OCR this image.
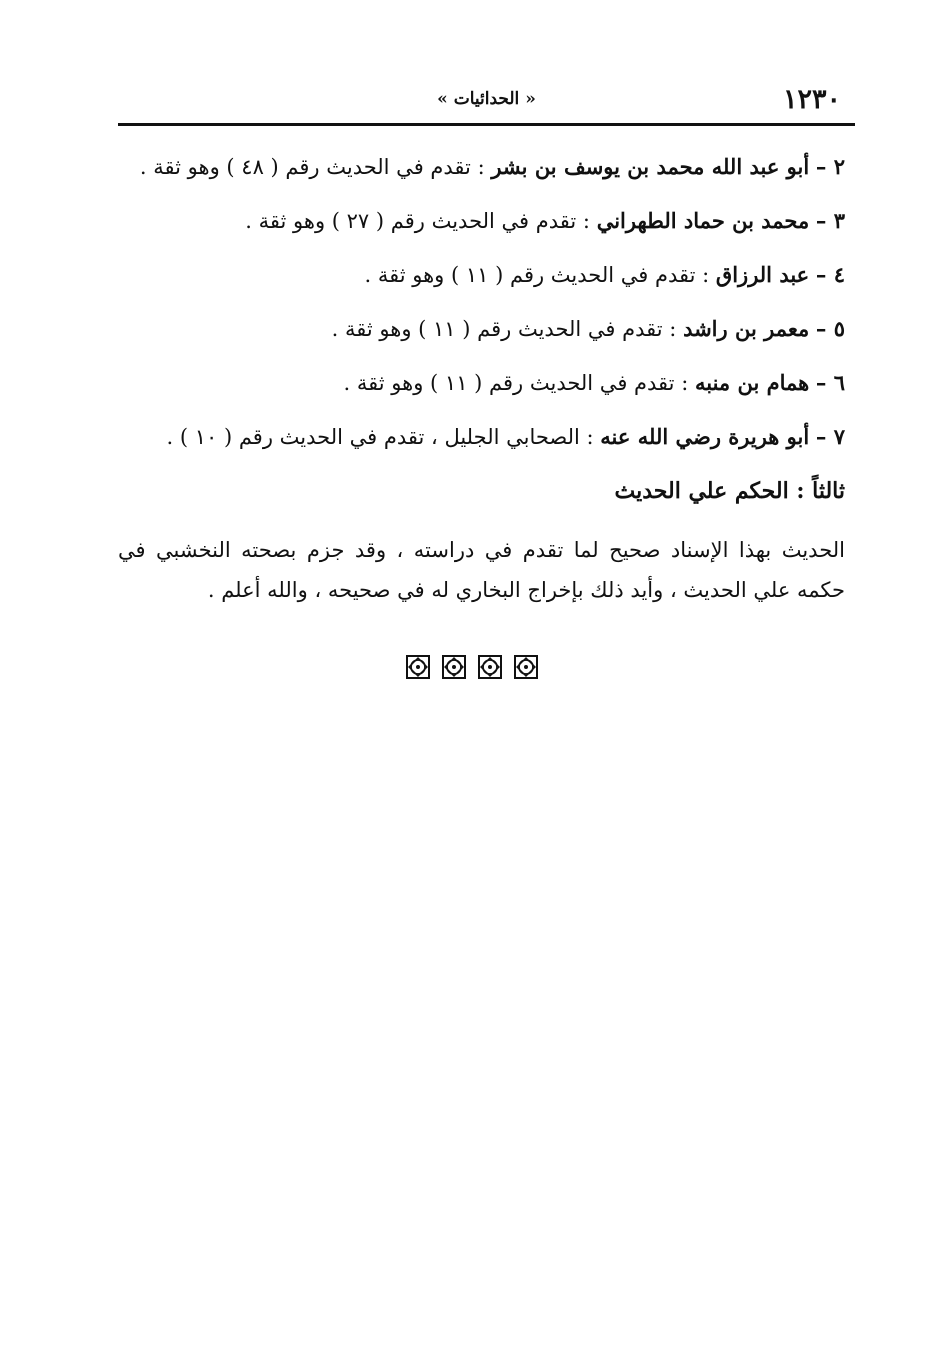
١٢٣٠
« الحدائيات »
٢ – أبو عبد الله محمد بن يوسف بن بشر : تقدم في الحديث رقم ( ٤٨ ) وهو ثقة .
٣ – محمد بن حماد الطهراني : تقدم في الحديث رقم ( ٢٧ ) وهو ثقة .
٤ – عبد الرزاق : تقدم في الحديث رقم ( ١١ ) وهو ثقة .
٥ – معمر بن راشد : تقدم في الحديث رقم ( ١١ ) وهو ثقة .
٦ – همام بن منبه : تقدم في الحديث رقم ( ١١ ) وهو ثقة .
٧ – أبو هريرة رضي الله عنه : الصحابي الجليل ، تقدم في الحديث رقم ( ١٠ ) .
ثالثاً : الحكم علي الحديث

الحديث بهذا الإسناد صحيح لما تقدم في دراسته ، وقد جزم بصحته النخشبي في حكمه علي الحديث ، وأيد ذلك بإخراج البخاري له في صحيحه ، والله أعلم .
